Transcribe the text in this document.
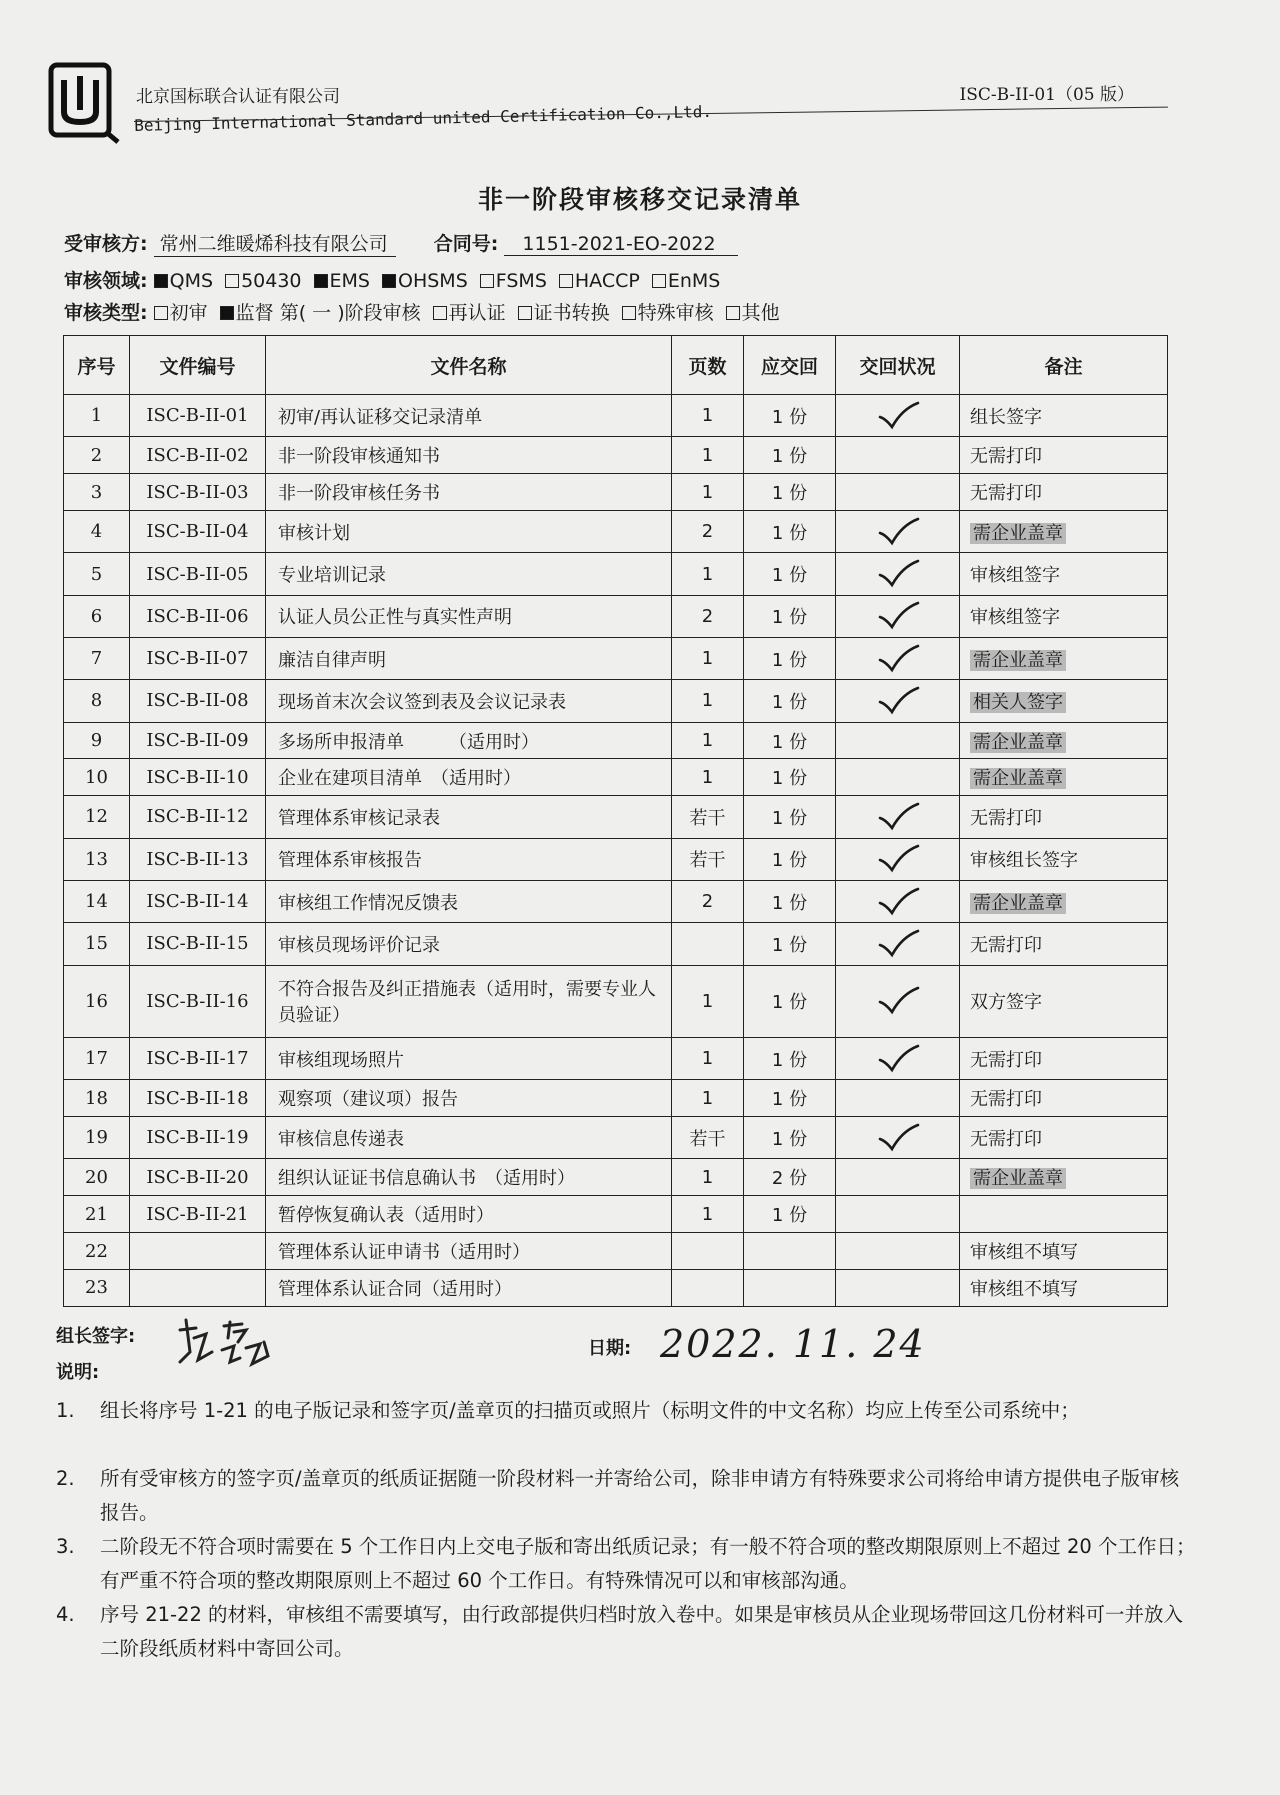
北京国标联合认证有限公司
Beijing International Standard united Certification Co.,Ltd.
ISC-B-II-01（05 版）
非一阶段审核移交记录清单
受审核方: 常州二维暖烯科技有限公司 合同号: 1151-2021-EO-2022
审核领域: QMS 50430 EMS OHSMS FSMS HACCP EnMS
审核类型: 初审 监督 第( 一 )阶段审核 再认证 证书转换 特殊审核 其他
序号	文件编号	文件名称	页数	应交回	交回状况	备注
1	ISC-B-II-01	初审/再认证移交记录清单	1	1 份		组长签字
2	ISC-B-II-02	非一阶段审核通知书	1	1 份		无需打印
3	ISC-B-II-03	非一阶段审核任务书	1	1 份		无需打印
4	ISC-B-II-04	审核计划	2	1 份		需企业盖章
5	ISC-B-II-05	专业培训记录	1	1 份		审核组签字
6	ISC-B-II-06	认证人员公正性与真实性声明	2	1 份		审核组签字
7	ISC-B-II-07	廉洁自律声明	1	1 份		需企业盖章
8	ISC-B-II-08	现场首末次会议签到表及会议记录表	1	1 份		相关人签字
9	ISC-B-II-09	多场所申报清单　　　（适用时）	1	1 份		需企业盖章
10	ISC-B-II-10	企业在建项目清单　（适用时）	1	1 份		需企业盖章
12	ISC-B-II-12	管理体系审核记录表	若干	1 份		无需打印
13	ISC-B-II-13	管理体系审核报告	若干	1 份		审核组长签字
14	ISC-B-II-14	审核组工作情况反馈表	2	1 份		需企业盖章
15	ISC-B-II-15	审核员现场评价记录		1 份		无需打印
16	ISC-B-II-16	不符合报告及纠正措施表（适用时，需要专业人员验证）	1	1 份		双方签字
17	ISC-B-II-17	审核组现场照片	1	1 份		无需打印
18	ISC-B-II-18	观察项（建议项）报告	1	1 份		无需打印
19	ISC-B-II-19	审核信息传递表	若干	1 份		无需打印
20	ISC-B-II-20	组织认证证书信息确认书　（适用时）	1	2 份		需企业盖章
21	ISC-B-II-21	暂停恢复确认表（适用时）	1	1 份		
22		管理体系认证申请书（适用时）				审核组不填写
23		管理体系认证合同（适用时）				审核组不填写
组长签字:
日期: 2022. 11. 24
说明:
1. 组长将序号 1-21 的电子版记录和签字页/盖章页的扫描页或照片（标明文件的中文名称）均应上传至公司系统中；
2. 所有受审核方的签字页/盖章页的纸质证据随一阶段材料一并寄给公司，除非申请方有特殊要求公司将给申请方提供电子版审核报告。
3. 二阶段无不符合项时需要在 5 个工作日内上交电子版和寄出纸质记录；有一般不符合项的整改期限原则上不超过 20 个工作日；有严重不符合项的整改期限原则上不超过 60 个工作日。有特殊情况可以和审核部沟通。
4. 序号 21-22 的材料，审核组不需要填写，由行政部提供归档时放入卷中。如果是审核员从企业现场带回这几份材料可一并放入二阶段纸质材料中寄回公司。
